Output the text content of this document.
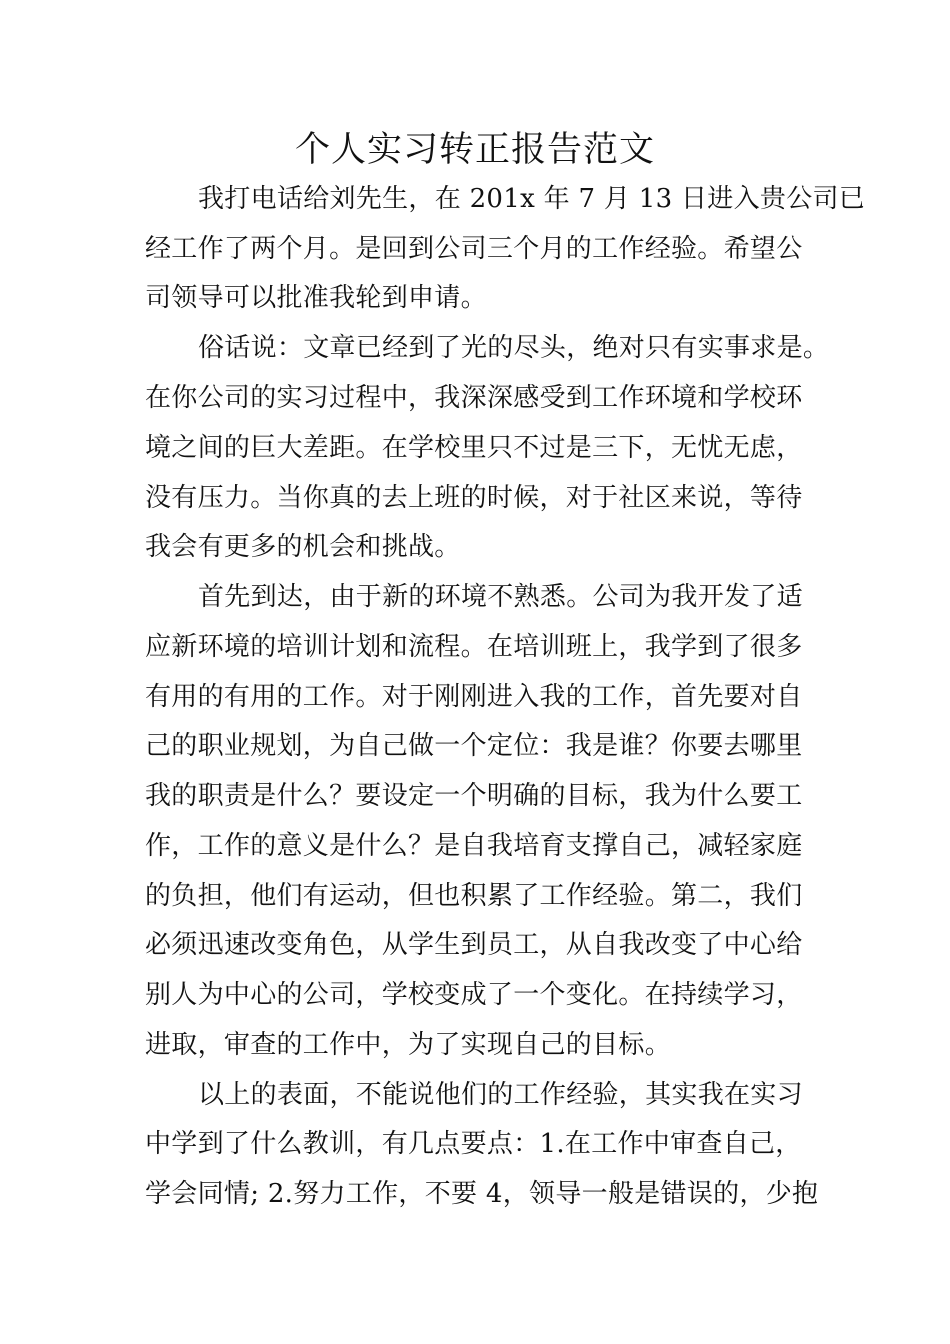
个人实习转正报告范文
我打电话给刘先生，在 201x 年 7 月 13 日进入贵公司已
经工作了两个月。是回到公司三个月的工作经验。希望公
司领导可以批准我轮到申请。
俗话说：文章已经到了光的尽头，绝对只有实事求是。
在你公司的实习过程中，我深深感受到工作环境和学校环
境之间的巨大差距。在学校里只不过是三下，无忧无虑，
没有压力。当你真的去上班的时候，对于社区来说，等待
我会有更多的机会和挑战。
首先到达，由于新的环境不熟悉。公司为我开发了适
应新环境的培训计划和流程。在培训班上，我学到了很多
有用的有用的工作。对于刚刚进入我的工作，首先要对自
己的职业规划，为自己做一个定位：我是谁？你要去哪里
我的职责是什么？要设定一个明确的目标，我为什么要工
作，工作的意义是什么？是自我培育支撑自己，减轻家庭
的负担，他们有运动，但也积累了工作经验。第二，我们
必须迅速改变角色，从学生到员工，从自我改变了中心给
别人为中心的公司，学校变成了一个变化。在持续学习，
进取，审查的工作中，为了实现自己的目标。
以上的表面，不能说他们的工作经验，其实我在实习
中学到了什么教训，有几点要点：1.在工作中审查自己，
学会同情; 2.努力工作，不要 4，领导一般是错误的，少抱
